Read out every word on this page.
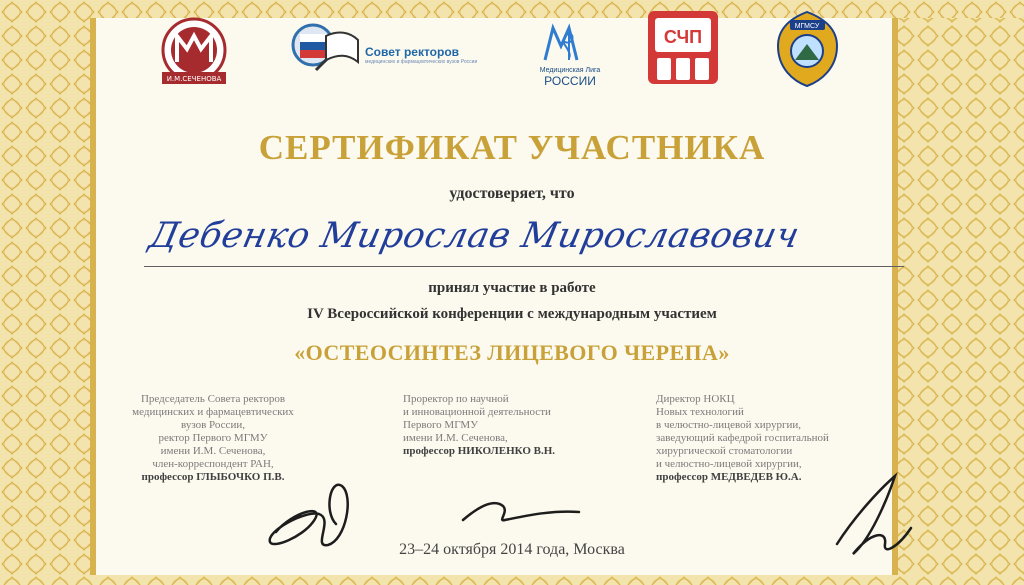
И.М.СЕЧЕНОВА
Совет ректоров
медицинских и фармацевтических вузов России
Медицинская Лига
РОССИИ
СЧП
МГМСУ
СЕРТИФИКАТ УЧАСТНИКА
удостоверяет, что
Дебенко Мирослав Мирославович
принял участие в работе
IV Всероссийской конференции с международным участием
«ОСТЕОСИНТЕЗ ЛИЦЕВОГО ЧЕРЕПА»
Председатель Совета ректоров
медицинских и фармацевтических
вузов России,
ректор Первого МГМУ
имени И.М. Сеченова,
член-корреспондент РАН,
профессор ГЛЫБОЧКО П.В.
Проректор по научной
и инновационной деятельности
Первого МГМУ
имени И.М. Сеченова,
профессор НИКОЛЕНКО В.Н.
Директор НОКЦ
Новых технологий
в челюстно-лицевой хирургии,
заведующий кафедрой госпитальной
хирургической стоматологии
и челюстно-лицевой хирургии,
профессор МЕДВЕДЕВ Ю.А.
23–24 октября 2014 года, Москва
